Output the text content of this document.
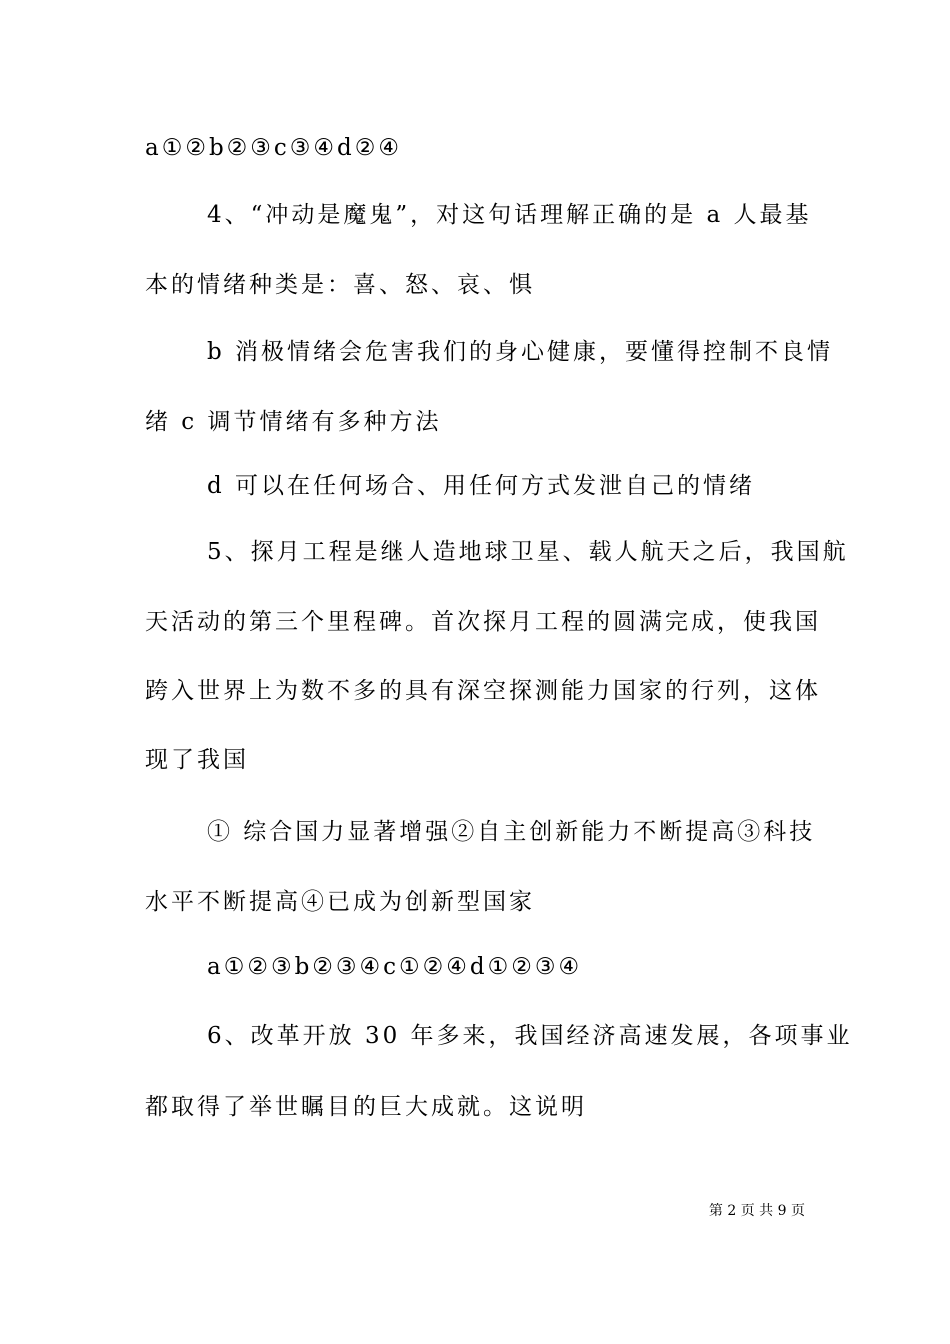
a①②b②③c③④d②④
4、“冲动是魔鬼”，对这句话理解正确的是 a 人最基
本的情绪种类是：喜、怒、哀、惧
b 消极情绪会危害我们的身心健康，要懂得控制不良情
绪 c 调节情绪有多种方法
d 可以在任何场合、用任何方式发泄自己的情绪
5、探月工程是继人造地球卫星、载人航天之后，我国航
天活动的第三个里程碑。首次探月工程的圆满完成，使我国
跨入世界上为数不多的具有深空探测能力国家的行列，这体
现了我国
① 综合国力显著增强②自主创新能力不断提高③科技
水平不断提高④已成为创新型国家
a①②③b②③④c①②④d①②③④
6、改革开放 30 年多来，我国经济高速发展，各项事业
都取得了举世瞩目的巨大成就。这说明
第 2 页 共 9 页
